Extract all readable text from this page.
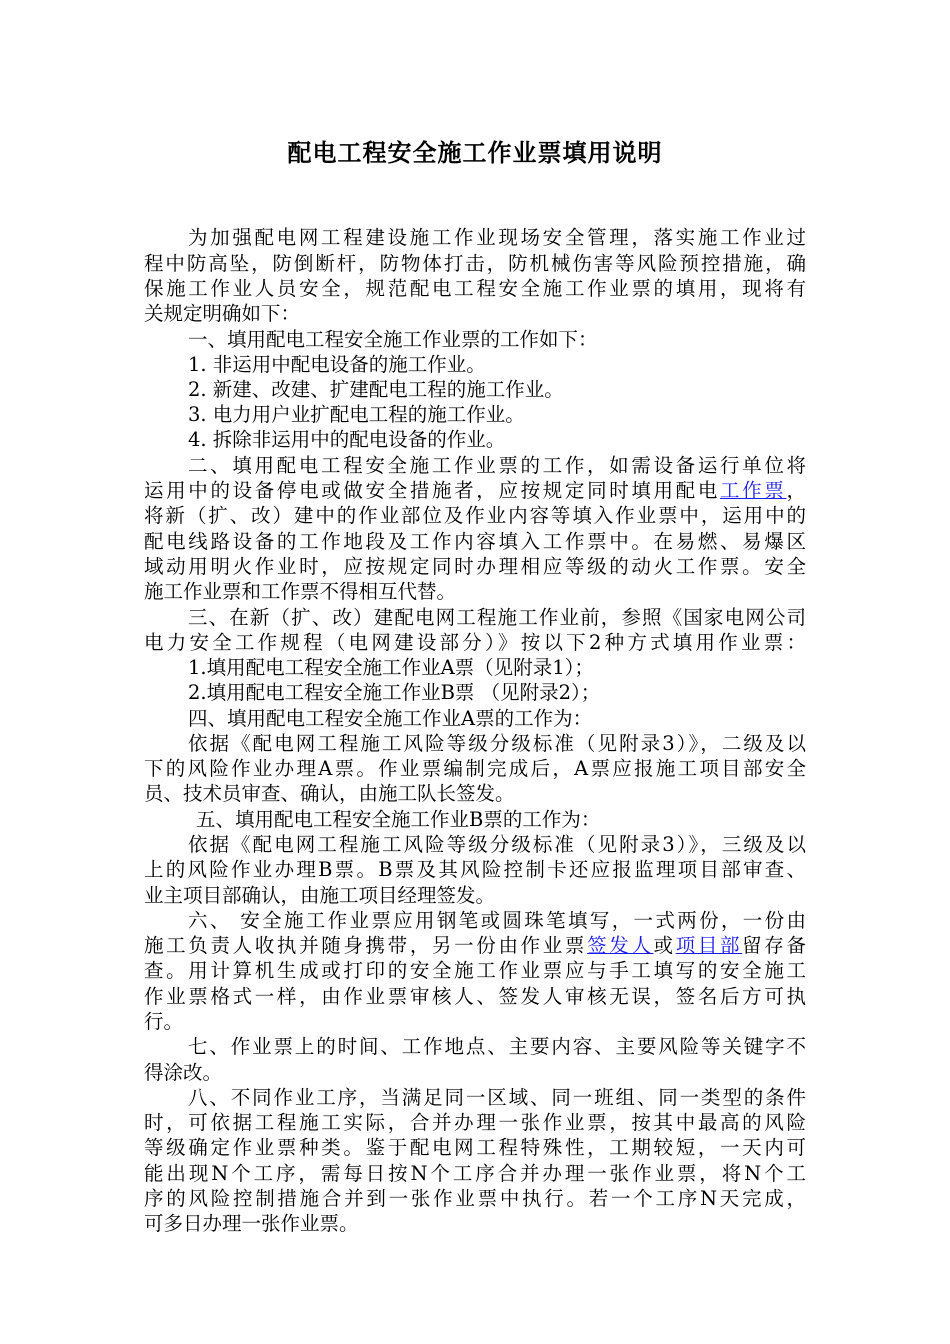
配电工程安全施工作业票填用说明
为加强配电网工程建设施工作业现场安全管理，落实施工作业过
程中防高坠，防倒断杆，防物体打击，防机械伤害等风险预控措施，确
保施工作业人员安全，规范配电工程安全施工作业票的填用，现将有
关规定明确如下：
一、填用配电工程安全施工作业票的工作如下：
1. 非运用中配电设备的施工作业。
2. 新建、改建、扩建配电工程的施工作业。
3. 电力用户业扩配电工程的施工作业。
4. 拆除非运用中的配电设备的作业。
二、填用配电工程安全施工作业票的工作，如需设备运行单位将
运用中的设备停电或做安全措施者，应按规定同时填用配电工作票，
将新（扩、改）建中的作业部位及作业内容等填入作业票中，运用中的
配电线路设备的工作地段及工作内容填入工作票中。在易燃、易爆区
域动用明火作业时，应按规定同时办理相应等级的动火工作票。安全
施工作业票和工作票不得相互代替。
三、在新（扩、改）建配电网工程施工作业前，参照《国家电网公司
电力安全工作规程（电网建设部分）》按以下2种方式填用作业票：
1.填用配电工程安全施工作业A票（见附录1）；
2.填用配电工程安全施工作业B票 （见附录2）；
四、填用配电工程安全施工作业A票的工作为：
依据《配电网工程施工风险等级分级标准（见附录3）》，二级及以
下的风险作业办理A票。作业票编制完成后，A票应报施工项目部安全
员、技术员审查、确认，由施工队长签发。
五、填用配电工程安全施工作业B票的工作为：
依据《配电网工程施工风险等级分级标准（见附录3）》，三级及以
上的风险作业办理B票。B票及其风险控制卡还应报监理项目部审查、
业主项目部确认，由施工项目经理签发。
六、 安全施工作业票应用钢笔或圆珠笔填写，一式两份，一份由
施工负责人收执并随身携带，另一份由作业票签发人或项目部留存备
查。用计算机生成或打印的安全施工作业票应与手工填写的安全施工
作业票格式一样，由作业票审核人、签发人审核无误，签名后方可执
行。
七、作业票上的时间、工作地点、主要内容、主要风险等关键字不
得涂改。
八、不同作业工序，当满足同一区域、同一班组、同一类型的条件
时，可依据工程施工实际，合并办理一张作业票，按其中最高的风险
等级确定作业票种类。鉴于配电网工程特殊性，工期较短，一天内可
能出现N个工序，需每日按N个工序合并办理一张作业票，将N个工
序的风险控制措施合并到一张作业票中执行。若一个工序N天完成，
可多日办理一张作业票。
